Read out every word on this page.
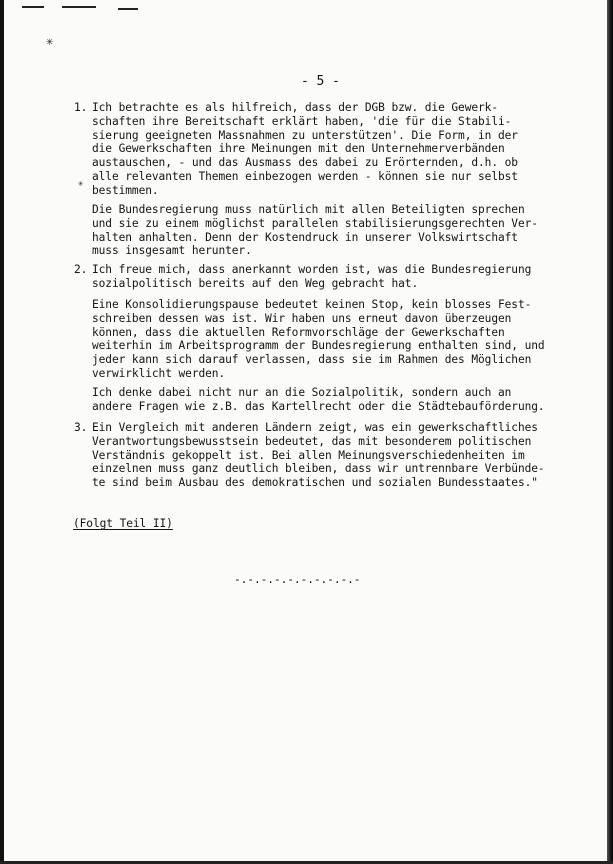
✳
✳
- 5 -
1. Ich betrachte es als hilfreich, dass der DGB bzw. die Gewerk-
schaften ihre Bereitschaft erklärt haben, 'die für die Stabili-
sierung geeigneten Massnahmen zu unterstützen'. Die Form, in der
die Gewerkschaften ihre Meinungen mit den Unternehmerverbänden
austauschen, - und das Ausmass des dabei zu Erörternden, d.h. ob
alle relevanten Themen einbezogen werden - können sie nur selbst
bestimmen.
Die Bundesregierung muss natürlich mit allen Beteiligten sprechen
und sie zu einem möglichst parallelen stabilisierungsgerechten Ver-
halten anhalten. Denn der Kostendruck in unserer Volkswirtschaft
muss insgesamt herunter.
2. Ich freue mich, dass anerkannt worden ist, was die Bundesregierung
sozialpolitisch bereits auf den Weg gebracht hat.
Eine Konsolidierungspause bedeutet keinen Stop, kein blosses Fest-
schreiben dessen was ist. Wir haben uns erneut davon überzeugen
können, dass die aktuellen Reformvorschläge der Gewerkschaften
weiterhin im Arbeitsprogramm der Bundesregierung enthalten sind, und
jeder kann sich darauf verlassen, dass sie im Rahmen des Möglichen
verwirklicht werden.
Ich denke dabei nicht nur an die Sozialpolitik, sondern auch an
andere Fragen wie z.B. das Kartellrecht oder die Städtebauförderung.
3. Ein Vergleich mit anderen Ländern zeigt, was ein gewerkschaftliches
Verantwortungsbewusstsein bedeutet, das mit besonderem politischen
Verständnis gekoppelt ist. Bei allen Meinungsverschiedenheiten im
einzelnen muss ganz deutlich bleiben, dass wir untrennbare Verbünde-
te sind beim Ausbau des demokratischen und sozialen Bundesstaates."
(Folgt Teil II)
-.-.-.-.-.-.-.-.-.-
